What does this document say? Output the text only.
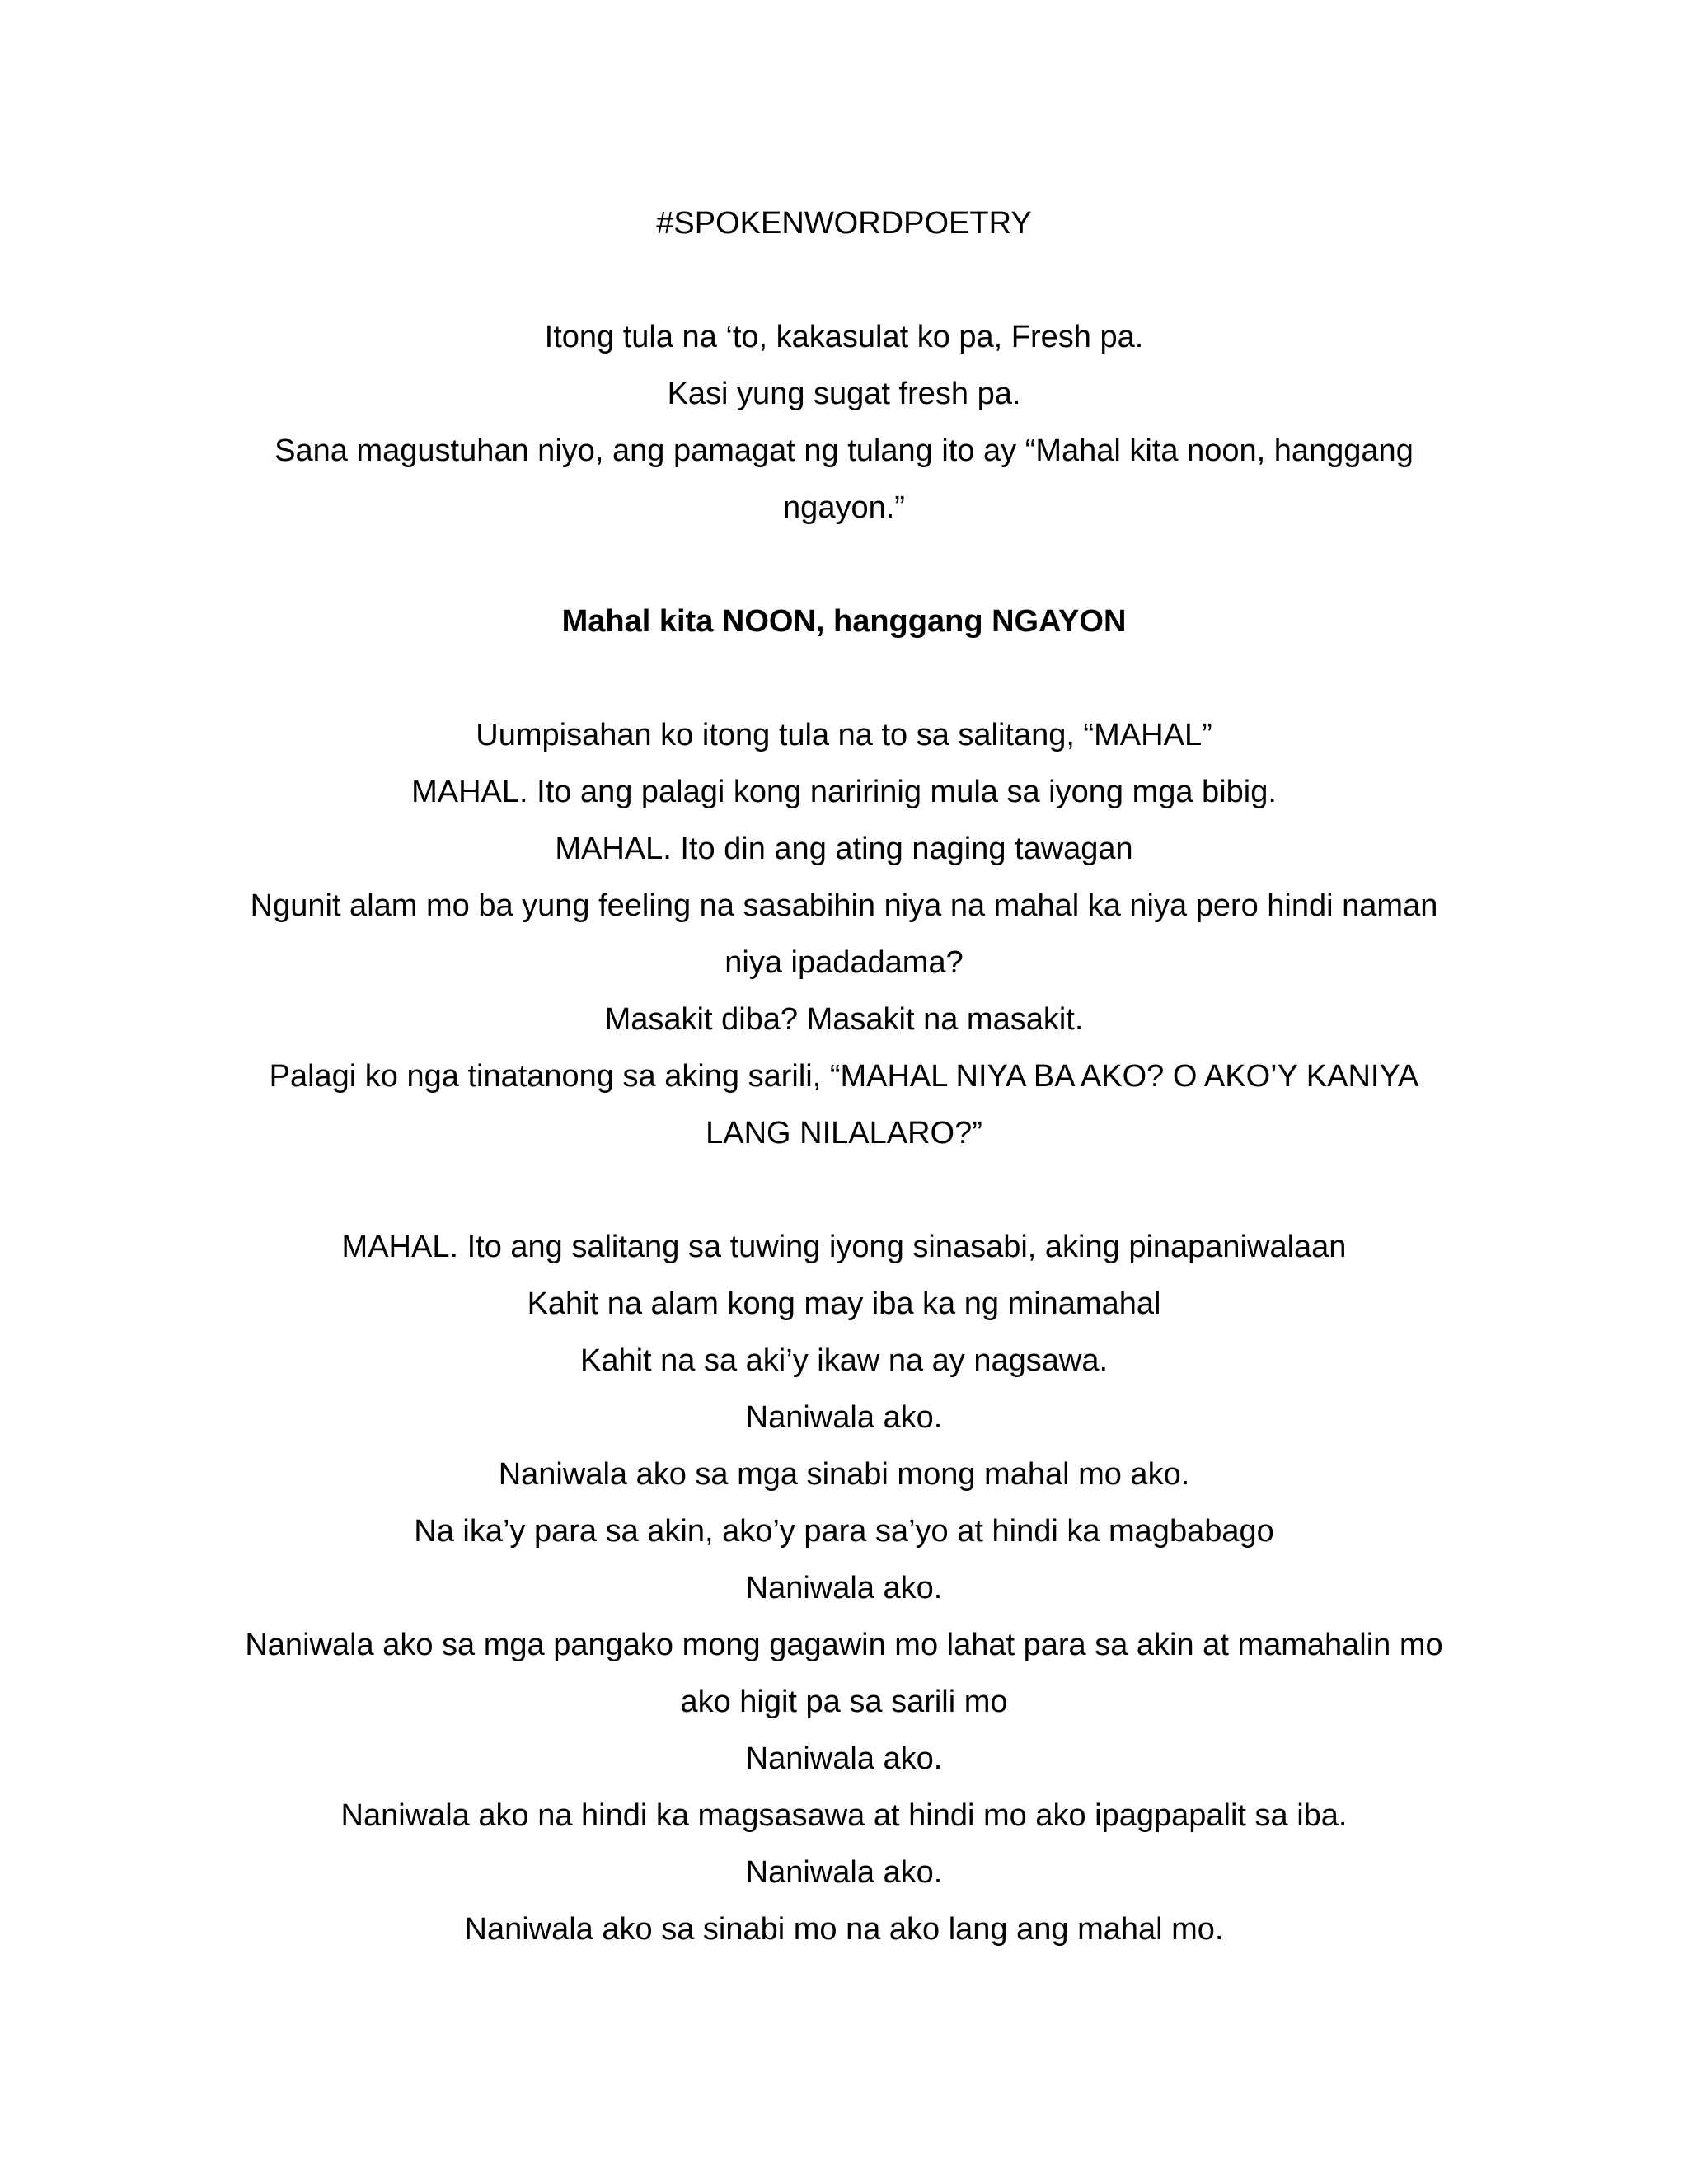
#SPOKENWORDPOETRY
Itong tula na ‘to, kakasulat ko pa, Fresh pa.
Kasi yung sugat fresh pa.
Sana magustuhan niyo, ang pamagat ng tulang ito ay “Mahal kita noon, hanggang
ngayon.”
Mahal kita NOON, hanggang NGAYON
Uumpisahan ko itong tula na to sa salitang, “MAHAL”
MAHAL. Ito ang palagi kong naririnig mula sa iyong mga bibig.
MAHAL. Ito din ang ating naging tawagan
Ngunit alam mo ba yung feeling na sasabihin niya na mahal ka niya pero hindi naman
niya ipadadama?
Masakit diba? Masakit na masakit.
Palagi ko nga tinatanong sa aking sarili, “MAHAL NIYA BA AKO? O AKO’Y KANIYA
LANG NILALARO?”
MAHAL. Ito ang salitang sa tuwing iyong sinasabi, aking pinapaniwalaan
Kahit na alam kong may iba ka ng minamahal
Kahit na sa aki’y ikaw na ay nagsawa.
Naniwala ako.
Naniwala ako sa mga sinabi mong mahal mo ako.
Na ika’y para sa akin, ako’y para sa’yo at hindi ka magbabago
Naniwala ako.
Naniwala ako sa mga pangako mong gagawin mo lahat para sa akin at mamahalin mo
ako higit pa sa sarili mo
Naniwala ako.
Naniwala ako na hindi ka magsasawa at hindi mo ako ipagpapalit sa iba.
Naniwala ako.
Naniwala ako sa sinabi mo na ako lang ang mahal mo.
